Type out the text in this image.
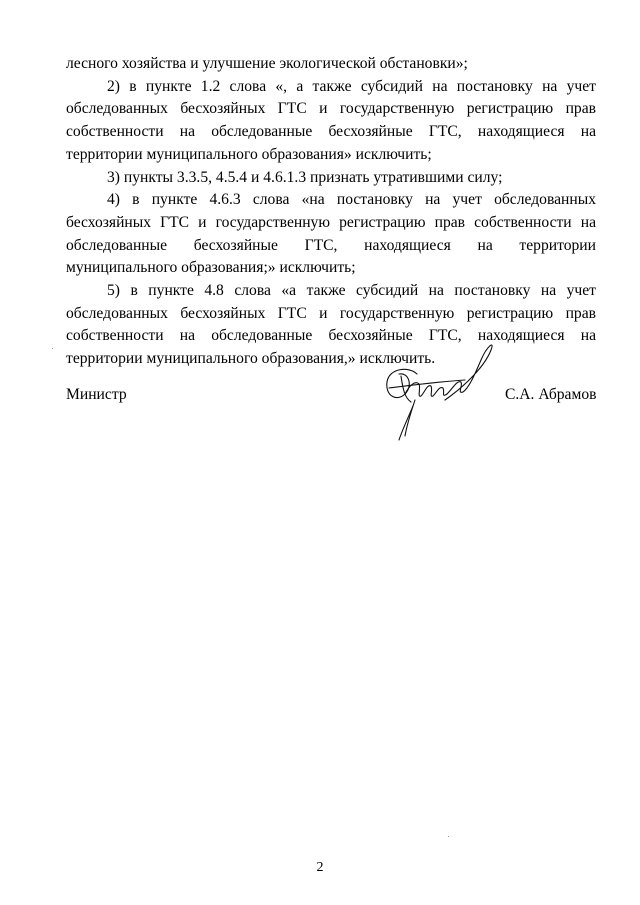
лесного хозяйства и улучшение экологической обстановки»;

2) в пункте 1.2 слова «, а также субсидий на постановку на учет обследованных бесхозяйных ГТС и государственную регистрацию прав собственности на обследованные бесхозяйные ГТС, находящиеся на территории муниципального образования» исключить;

3) пункты 3.3.5, 4.5.4 и 4.6.1.3 признать утратившими силу;

4) в пункте 4.6.3 слова «на постановку на учет обследованных бесхозяйных ГТС и государственную регистрацию прав собственности на обследованные бесхозяйные ГТС, находящиеся на территории муниципального образования;» исключить;

5) в пункте 4.8 слова «а также субсидий на постановку на учет обследованных бесхозяйных ГТС и государственную регистрацию прав собственности на обследованные бесхозяйные ГТС, находящиеся на территории муниципального образования,» исключить.

Министр	С.А. Абрамов
2
